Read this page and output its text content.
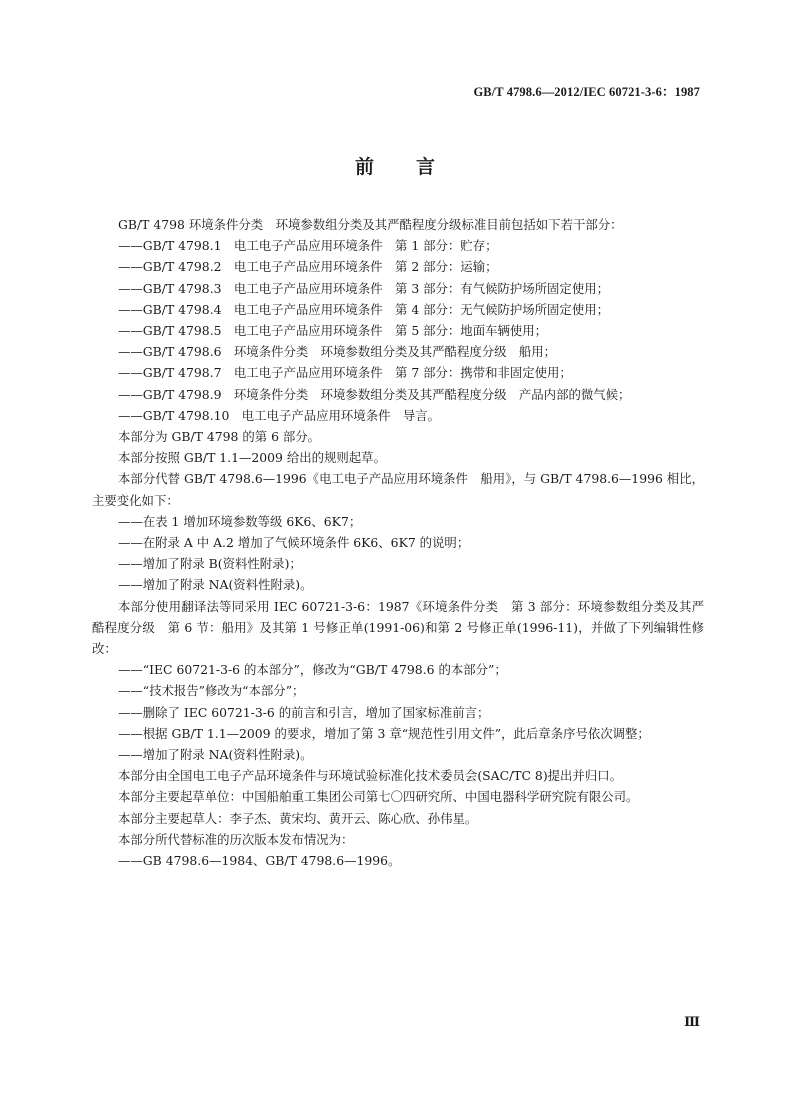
GB/T 4798.6—2012/IEC 60721-3-6：1987
前 言

GB/T 4798 环境条件分类　环境参数组分类及其严酷程度分级标准目前包括如下若干部分：

——GB/T 4798.1　电工电子产品应用环境条件　第 1 部分：贮存；

——GB/T 4798.2　电工电子产品应用环境条件　第 2 部分：运输；

——GB/T 4798.3　电工电子产品应用环境条件　第 3 部分：有气候防护场所固定使用；

——GB/T 4798.4　电工电子产品应用环境条件　第 4 部分：无气候防护场所固定使用；

——GB/T 4798.5　电工电子产品应用环境条件　第 5 部分：地面车辆使用；

——GB/T 4798.6　环境条件分类　环境参数组分类及其严酷程度分级　船用；

——GB/T 4798.7　电工电子产品应用环境条件　第 7 部分：携带和非固定使用；

——GB/T 4798.9　环境条件分类　环境参数组分类及其严酷程度分级　产品内部的微气候；

——GB/T 4798.10　电工电子产品应用环境条件　导言。

本部分为 GB/T 4798 的第 6 部分。

本部分按照 GB/T 1.1—2009 给出的规则起草。

本部分代替 GB/T 4798.6—1996《电工电子产品应用环境条件　船用》，与 GB/T 4798.6—1996 相比，主要变化如下：

——在表 1 增加环境参数等级 6K6、6K7；

——在附录 A 中 A.2 增加了气候环境条件 6K6、6K7 的说明；

——增加了附录 B(资料性附录)；

——增加了附录 NA(资料性附录)。

本部分使用翻译法等同采用 IEC 60721-3-6：1987《环境条件分类　第 3 部分：环境参数组分类及其严酷程度分级　第 6 节：船用》及其第 1 号修正单(1991-06)和第 2 号修正单(1996-11)，并做了下列编辑性修改：

——“IEC 60721-3-6 的本部分”，修改为“GB/T 4798.6 的本部分”；

——“技术报告”修改为“本部分”；

——删除了 IEC 60721-3-6 的前言和引言，增加了国家标准前言；

——根据 GB/T 1.1—2009 的要求，增加了第 3 章“规范性引用文件”，此后章条序号依次调整；

——增加了附录 NA(资料性附录)。

本部分由全国电工电子产品环境条件与环境试验标准化技术委员会(SAC/TC 8)提出并归口。

本部分主要起草单位：中国船舶重工集团公司第七〇四研究所、中国电器科学研究院有限公司。

本部分主要起草人：李子杰、黄宋均、黄开云、陈心欣、孙伟星。

本部分所代替标准的历次版本发布情况为：

——GB 4798.6—1984、GB/T 4798.6—1996。

Ⅲ
